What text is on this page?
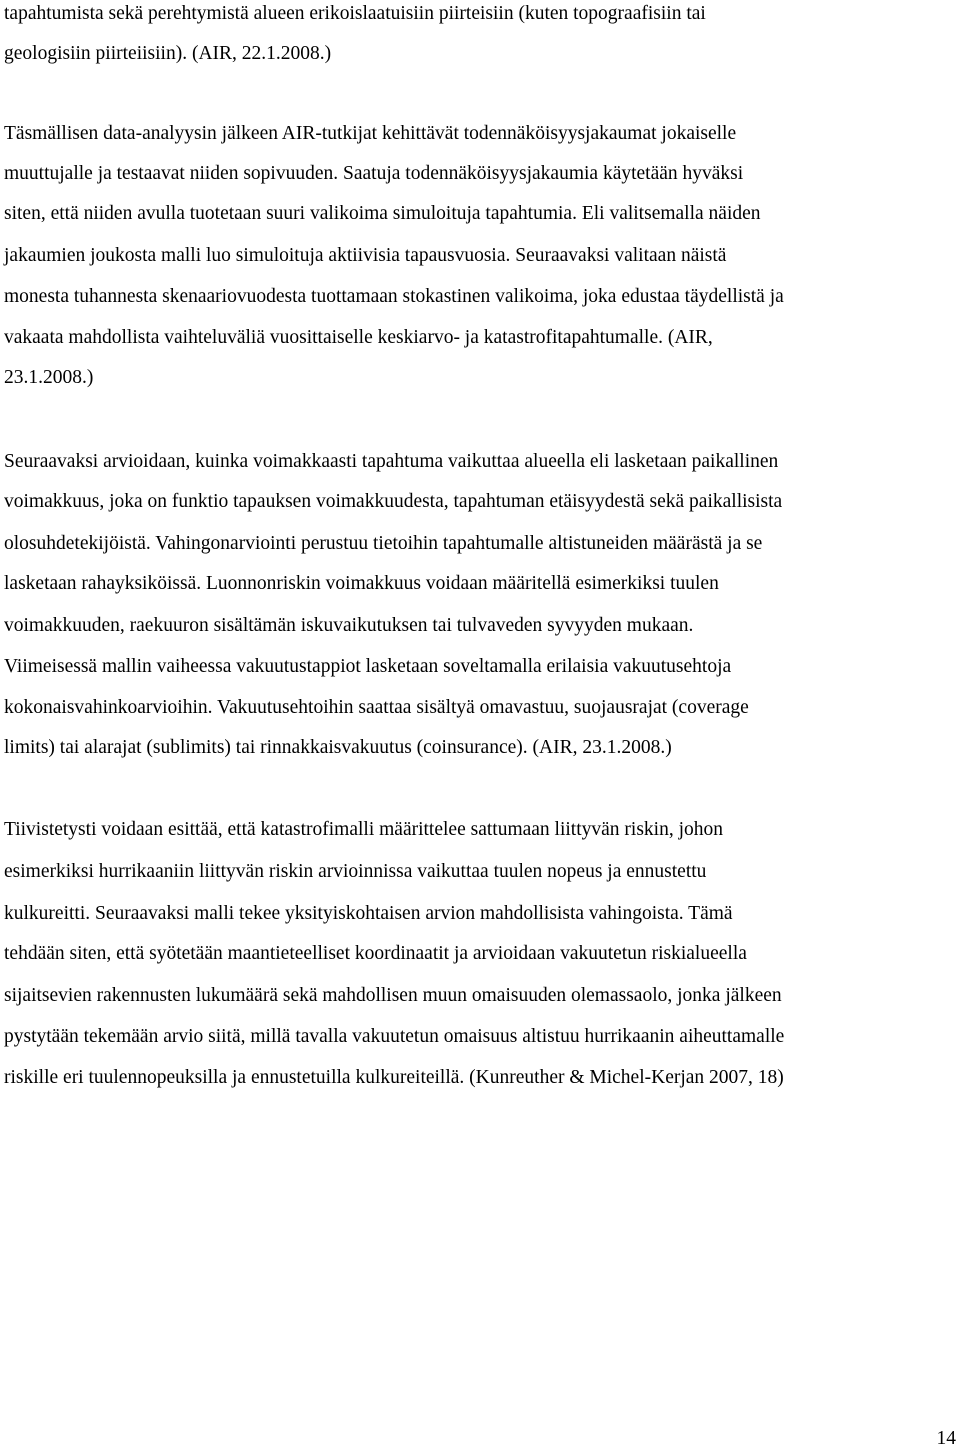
tapahtumista sekä perehtymistä alueen erikoislaatuisiin piirteisiin (kuten topograafisiin tai

geologisiin piirteiisiin). (AIR, 22.1.2008.)

Täsmällisen data-analyysin jälkeen AIR-tutkijat kehittävät todennäköisyysjakaumat jokaiselle

muuttujalle ja testaavat niiden sopivuuden. Saatuja todennäköisyysjakaumia käytetään hyväksi

siten, että niiden avulla tuotetaan suuri valikoima simuloituja tapahtumia. Eli valitsemalla näiden

jakaumien joukosta malli luo simuloituja aktiivisia tapausvuosia. Seuraavaksi valitaan näistä

monesta tuhannesta skenaariovuodesta tuottamaan stokastinen valikoima, joka edustaa täydellistä ja

vakaata mahdollista vaihteluväliä vuosittaiselle keskiarvo- ja katastrofitapahtumalle. (AIR,

23.1.2008.)

Seuraavaksi arvioidaan, kuinka voimakkaasti tapahtuma vaikuttaa alueella eli lasketaan paikallinen

voimakkuus, joka on funktio tapauksen voimakkuudesta, tapahtuman etäisyydestä sekä paikallisista

olosuhdetekijöistä. Vahingonarviointi perustuu tietoihin tapahtumalle altistuneiden määrästä ja se

lasketaan rahayksiköissä. Luonnonriskin voimakkuus voidaan määritellä esimerkiksi tuulen

voimakkuuden, raekuuron sisältämän iskuvaikutuksen tai tulvaveden syvyyden mukaan.

Viimeisessä mallin vaiheessa vakuutustappiot lasketaan soveltamalla erilaisia vakuutusehtoja

kokonaisvahinkoarvioihin. Vakuutusehtoihin saattaa sisältyä omavastuu, suojausrajat (coverage

limits) tai alarajat (sublimits) tai rinnakkaisvakuutus (coinsurance). (AIR, 23.1.2008.)

Tiivistetysti voidaan esittää, että katastrofimalli määrittelee sattumaan liittyvän riskin, johon

esimerkiksi hurrikaaniin liittyvän riskin arvioinnissa vaikuttaa tuulen nopeus ja ennustettu

kulkureitti. Seuraavaksi malli tekee yksityiskohtaisen arvion mahdollisista vahingoista. Tämä

tehdään siten, että syötetään maantieteelliset koordinaatit ja arvioidaan vakuutetun riskialueella

sijaitsevien rakennusten lukumäärä sekä mahdollisen muun omaisuuden olemassaolo, jonka jälkeen

pystytään tekemään arvio siitä, millä tavalla vakuutetun omaisuus altistuu hurrikaanin aiheuttamalle

riskille eri tuulennopeuksilla ja ennustetuilla kulkureiteillä. (Kunreuther & Michel-Kerjan 2007, 18)

14
